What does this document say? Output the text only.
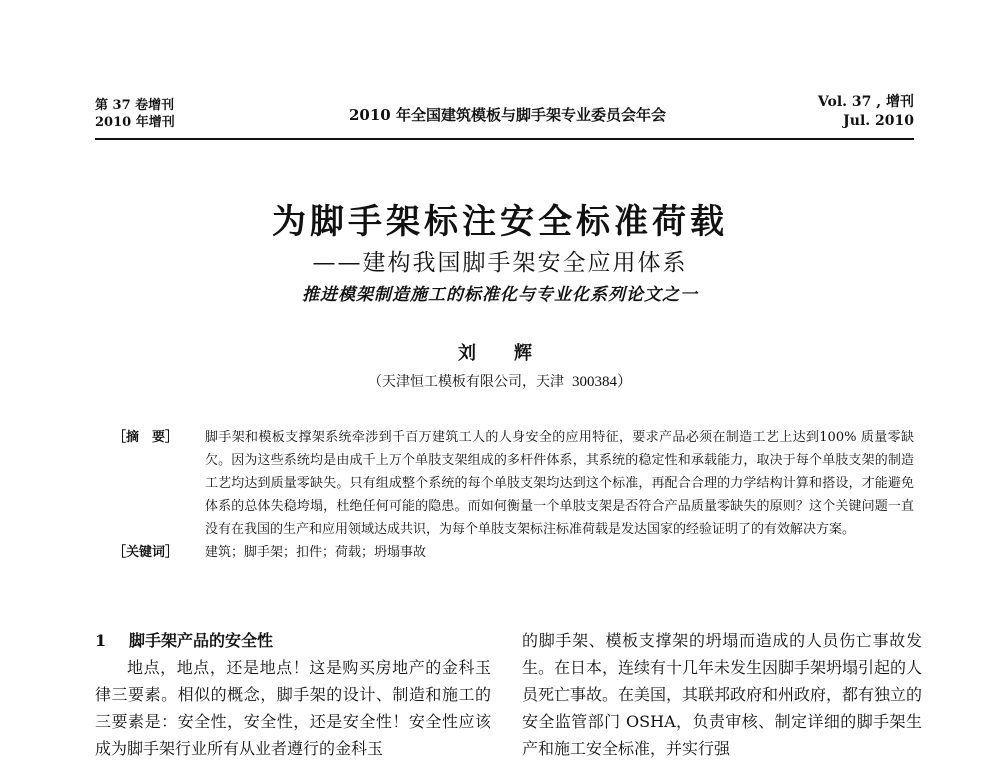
第 37 卷增刊
2010 年增刊	2010 年全国建筑模板与脚手架专业委员会年会
Vol. 37 , 增刊
Jul. 2010
为脚手架标注安全标准荷载
——建构我国脚手架安全应用体系
推进模架制造施工的标准化与专业化系列论文之一
刘　辉
（天津恒工模板有限公司，天津 300384）
［摘　要］	脚手架和模板支撑架系统牵涉到千百万建筑工人的人身安全的应用特征，要求产品必须在制造工艺上达到100% 质量零缺欠。因为这些系统均是由成千上万个单肢支架组成的多杆件体系，其系统的稳定性和承载能力，取决于每个单肢支架的制造工艺均达到质量零缺失。只有组成整个系统的每个单肢支架均达到这个标准，再配合合理的力学结构计算和搭设，才能避免体系的总体失稳垮塌，杜绝任何可能的隐患。而如何衡量一个单肢支架是否符合产品质量零缺失的原则？这个关键问题一直没有在我国的生产和应用领域达成共识，为每个单肢支架标注标准荷载是发达国家的经验证明了的有效解决方案。
［关键词］	建筑；脚手架；扣件；荷载；坍塌事故
1 脚手架产品的安全性

地点，地点，还是地点！这是购买房地产的金科玉律三要素。相似的概念，脚手架的设计、制造和施工的三要素是：安全性，安全性，还是安全性！安全性应该成为脚手架行业所有从业者遵行的金科玉

的脚手架、模板支撑架的坍塌而造成的人员伤亡事故发生。在日本，连续有十几年未发生因脚手架坍塌引起的人员死亡事故。在美国，其联邦政府和州政府，都有独立的安全监管部门 OSHA，负责审核、制定详细的脚手架生产和施工安全标准，并实行强
